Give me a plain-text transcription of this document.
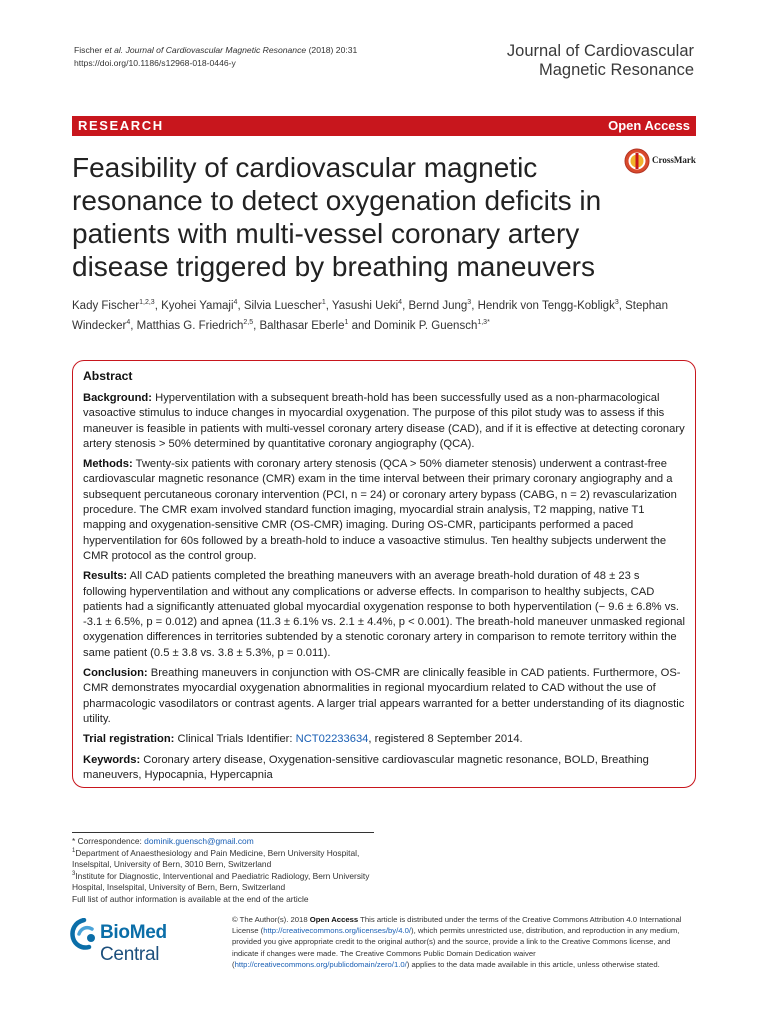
Fischer et al. Journal of Cardiovascular Magnetic Resonance (2018) 20:31
https://doi.org/10.1186/s12968-018-0446-y
Journal of Cardiovascular
Magnetic Resonance
RESEARCH	Open Access
CrossMark
Feasibility of cardiovascular magnetic resonance to detect oxygenation deficits in patients with multi-vessel coronary artery disease triggered by breathing maneuvers
Kady Fischer$^{1,2,3}$, Kyohei Yamaji$^4$, Silvia Luescher$^1$, Yasushi Ueki$^4$, Bernd Jung$^3$, Hendrik von Tengg-Kobligk$^3$, Stephan Windecker$^4$, Matthias G. Friedrich$^{2,5}$, Balthasar Eberle$^1$ and Dominik P. Guensch$^{1,3*}$
Abstract

Background: Hyperventilation with a subsequent breath-hold has been successfully used as a non-pharmacological vasoactive stimulus to induce changes in myocardial oxygenation. The purpose of this pilot study was to assess if this maneuver is feasible in patients with multi-vessel coronary artery disease (CAD), and if it is effective at detecting coronary artery stenosis > 50% determined by quantitative coronary angiography (QCA).

Methods: Twenty-six patients with coronary artery stenosis (QCA > 50% diameter stenosis) underwent a contrast-free cardiovascular magnetic resonance (CMR) exam in the time interval between their primary coronary angiography and a subsequent percutaneous coronary intervention (PCI, n = 24) or coronary artery bypass (CABG, n = 2) revascularization procedure. The CMR exam involved standard function imaging, myocardial strain analysis, T2 mapping, native T1 mapping and oxygenation-sensitive CMR (OS-CMR) imaging. During OS-CMR, participants performed a paced hyperventilation for 60s followed by a breath-hold to induce a vasoactive stimulus. Ten healthy subjects underwent the CMR protocol as the control group.

Results: All CAD patients completed the breathing maneuvers with an average breath-hold duration of 48 ± 23 s following hyperventilation and without any complications or adverse effects. In comparison to healthy subjects, CAD patients had a significantly attenuated global myocardial oxygenation response to both hyperventilation (− 9.6 ± 6.8% vs. -3.1 ± 6.5%, p = 0.012) and apnea (11.3 ± 6.1% vs. 2.1 ± 4.4%, p < 0.001). The breath-hold maneuver unmasked regional oxygenation differences in territories subtended by a stenotic coronary artery in comparison to remote territory within the same patient (0.5 ± 3.8 vs. 3.8 ± 5.3%, p = 0.011).

Conclusion: Breathing maneuvers in conjunction with OS-CMR are clinically feasible in CAD patients. Furthermore, OS-CMR demonstrates myocardial oxygenation abnormalities in regional myocardium related to CAD without the use of pharmacologic vasodilators or contrast agents. A larger trial appears warranted for a better understanding of its diagnostic utility.

Trial registration: Clinical Trials Identifier: NCT02233634, registered 8 September 2014.

Keywords: Coronary artery disease, Oxygenation-sensitive cardiovascular magnetic resonance, BOLD, Breathing maneuvers, Hypocapnia, Hypercapnia

* Correspondence: dominik.guensch@gmail.com
$^1$Department of Anaesthesiology and Pain Medicine, Bern University Hospital, Inselspital, University of Bern, 3010 Bern, Switzerland
$^3$Institute for Diagnostic, Interventional and Paediatric Radiology, Bern University Hospital, Inselspital, University of Bern, Bern, Switzerland
Full list of author information is available at the end of the article
BioMed Central
© The Author(s). 2018 Open Access This article is distributed under the terms of the Creative Commons Attribution 4.0 International License (http://creativecommons.org/licenses/by/4.0/), which permits unrestricted use, distribution, and reproduction in any medium, provided you give appropriate credit to the original author(s) and the source, provide a link to the Creative Commons license, and indicate if changes were made. The Creative Commons Public Domain Dedication waiver (http://creativecommons.org/publicdomain/zero/1.0/) applies to the data made available in this article, unless otherwise stated.
